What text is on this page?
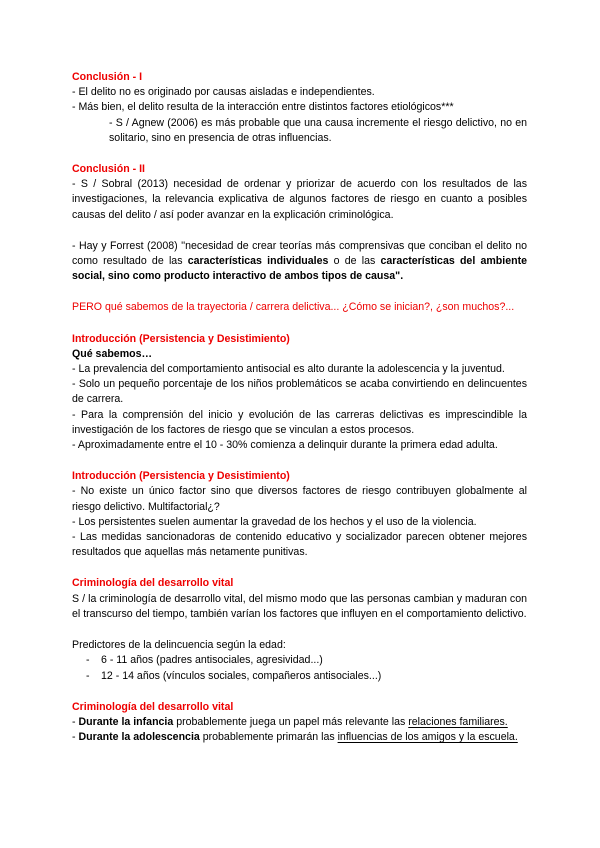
Conclusión - I

- El delito no es originado por causas aisladas e independientes.

- Más bien, el delito resulta de la interacción entre distintos factores etiológicos***

- S / Agnew (2006) es más probable que una causa incremente el riesgo delictivo, no en solitario, sino en presencia de otras influencias.

Conclusión - II

- S / Sobral (2013) necesidad de ordenar y priorizar de acuerdo con los resultados de las investigaciones, la relevancia explicativa de algunos factores de riesgo en cuanto a posibles causas del delito / así poder avanzar en la explicación criminológica.

- Hay y Forrest (2008) ''necesidad de crear teorías más comprensivas que conciban el delito no como resultado de las características individuales o de las características del ambiente social, sino como producto interactivo de ambos tipos de causa".

PERO qué sabemos de la trayectoria / carrera delictiva... ¿Cómo se inician?, ¿son muchos?...

Introducción (Persistencia y Desistimiento)

Qué sabemos…

- La prevalencia del comportamiento antisocial es alto durante la adolescencia y la juventud.

- Solo un pequeño porcentaje de los niños problemáticos se acaba convirtiendo en delincuentes de carrera.

- Para la comprensión del inicio y evolución de las carreras delictivas es imprescindible la investigación de los factores de riesgo que se vinculan a estos procesos.

- Aproximadamente entre el 10 - 30% comienza a delinquir durante la primera edad adulta.

Introducción (Persistencia y Desistimiento)

- No existe un único factor sino que diversos factores de riesgo contribuyen globalmente al riesgo delictivo. Multifactorial¿?

- Los persistentes suelen aumentar la gravedad de los hechos y el uso de la violencia.

- Las medidas sancionadoras de contenido educativo y socializador parecen obtener mejores resultados que aquellas más netamente punitivas.

Criminología del desarrollo vital

S / la criminología de desarrollo vital, del mismo modo que las personas cambian y maduran con el transcurso del tiempo, también varían los factores que influyen en el comportamiento delictivo.

Predictores de la delincuencia según la edad:

- 6 - 11 años (padres antisociales, agresividad...)

- 12 - 14 años (vínculos sociales, compañeros antisociales...)

Criminología del desarrollo vital

- Durante la infancia probablemente juega un papel más relevante las relaciones familiares.

- Durante la adolescencia probablemente primarán las influencias de los amigos y la escuela.
